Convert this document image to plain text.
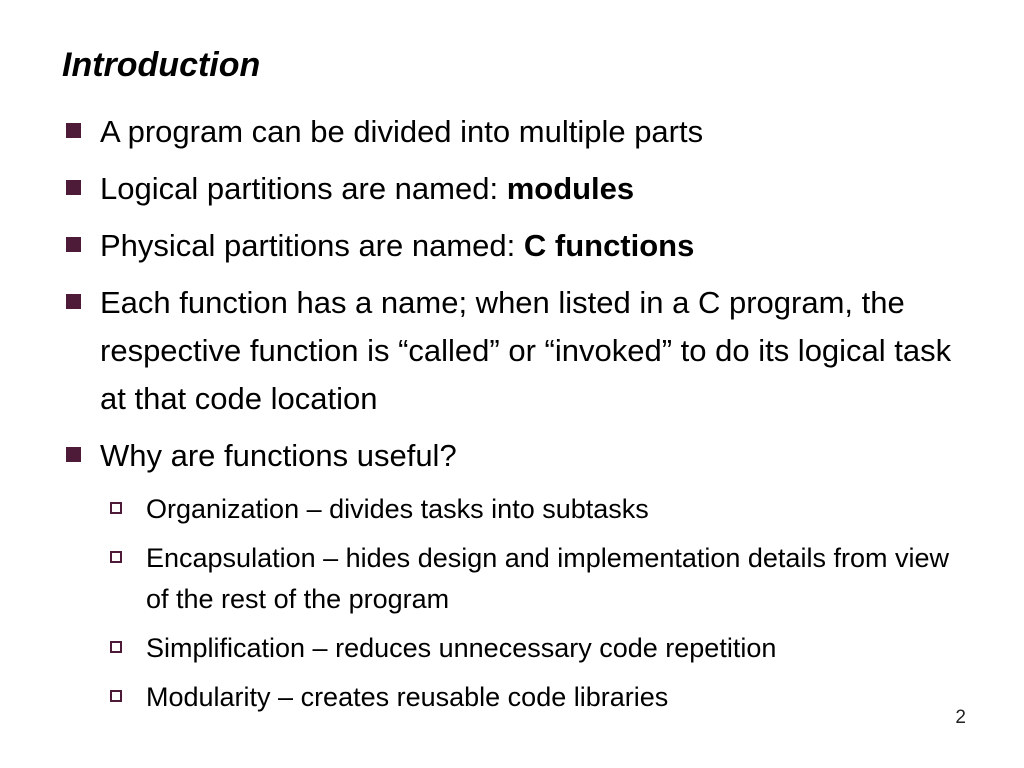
Introduction
A program can be divided into multiple parts
Logical partitions are named: modules
Physical partitions are named: C functions
Each function has a name; when listed in a C program, the respective function is “called” or “invoked” to do its logical task at that code location
Why are functions useful?
Organization – divides tasks into subtasks
Encapsulation – hides design and implementation details from view of the rest of the program
Simplification – reduces unnecessary code repetition
Modularity – creates reusable code libraries
2
